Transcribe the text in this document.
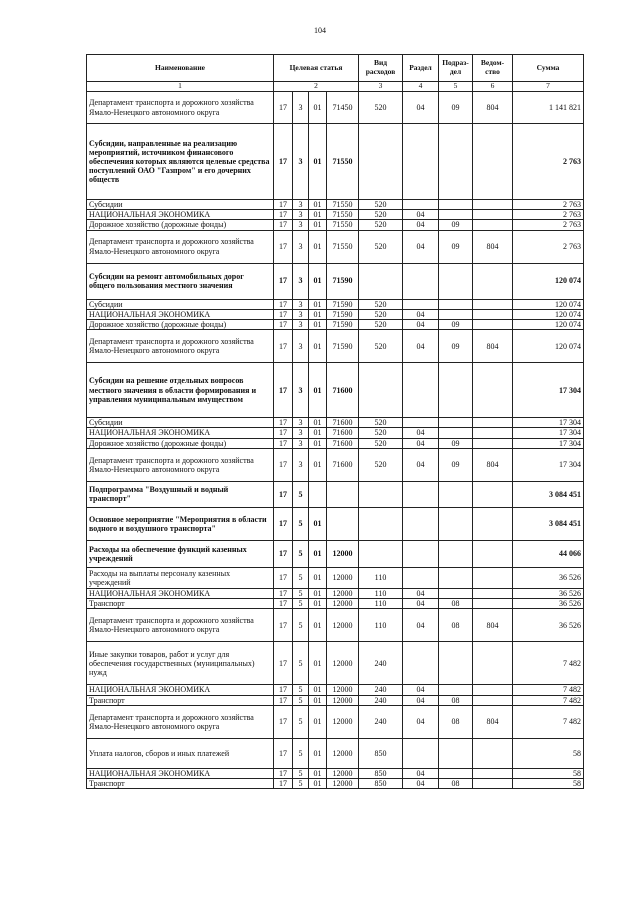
104
Наименование	Целевая статья				Вид расходов	Раздел	Подраз-дел	Ведом-ство	Сумма
1	2				3	4	5	6	7
Департамент транспорта и дорожного хозяйства Ямало-Ненецкого автономного округа	17	3	01	71450	520	04	09	804	1 141 821
Субсидии, направленные на реализацию мероприятий, источником финансового обеспечения которых являются целевые средства поступлений ОАО "Газпром" и его дочерних обществ	17	3	01	71550					2 763
Субсидии	17	3	01	71550	520				2 763
НАЦИОНАЛЬНАЯ ЭКОНОМИКА	17	3	01	71550	520	04			2 763
Дорожное хозяйство (дорожные фонды)	17	3	01	71550	520	04	09		2 763
Департамент транспорта и дорожного хозяйства Ямало-Ненецкого автономного округа	17	3	01	71550	520	04	09	804	2 763
Субсидии на ремонт автомобильных дорог общего пользования местного значения	17	3	01	71590					120 074
Субсидии	17	3	01	71590	520				120 074
НАЦИОНАЛЬНАЯ ЭКОНОМИКА	17	3	01	71590	520	04			120 074
Дорожное хозяйство (дорожные фонды)	17	3	01	71590	520	04	09		120 074
Департамент транспорта и дорожного хозяйства Ямало-Ненецкого автономного округа	17	3	01	71590	520	04	09	804	120 074
Субсидии на решение отдельных вопросов местного значения в области формирования и управления муниципальным имуществом	17	3	01	71600					17 304
Субсидии	17	3	01	71600	520				17 304
НАЦИОНАЛЬНАЯ ЭКОНОМИКА	17	3	01	71600	520	04			17 304
Дорожное хозяйство (дорожные фонды)	17	3	01	71600	520	04	09		17 304
Департамент транспорта и дорожного хозяйства Ямало-Ненецкого автономного округа	17	3	01	71600	520	04	09	804	17 304
Подпрограмма "Воздушный и водный транспорт"	17	5							3 084 451
Основное мероприятие "Мероприятия в области водного и воздушного транспорта"	17	5	01						3 084 451
Расходы на обеспечение функций казенных учреждений	17	5	01	12000					44 066
Расходы на выплаты персоналу казенных учреждений	17	5	01	12000	110				36 526
НАЦИОНАЛЬНАЯ ЭКОНОМИКА	17	5	01	12000	110	04			36 526
Транспорт	17	5	01	12000	110	04	08		36 526
Департамент транспорта и дорожного хозяйства Ямало-Ненецкого автономного округа	17	5	01	12000	110	04	08	804	36 526
Иные закупки товаров, работ и услуг для обеспечения государственных (муниципальных) нужд	17	5	01	12000	240				7 482
НАЦИОНАЛЬНАЯ ЭКОНОМИКА	17	5	01	12000	240	04			7 482
Транспорт	17	5	01	12000	240	04	08		7 482
Департамент транспорта и дорожного хозяйства Ямало-Ненецкого автономного округа	17	5	01	12000	240	04	08	804	7 482
Уплата налогов, сборов и иных платежей	17	5	01	12000	850				58
НАЦИОНАЛЬНАЯ ЭКОНОМИКА	17	5	01	12000	850	04			58
Транспорт	17	5	01	12000	850	04	08		58
